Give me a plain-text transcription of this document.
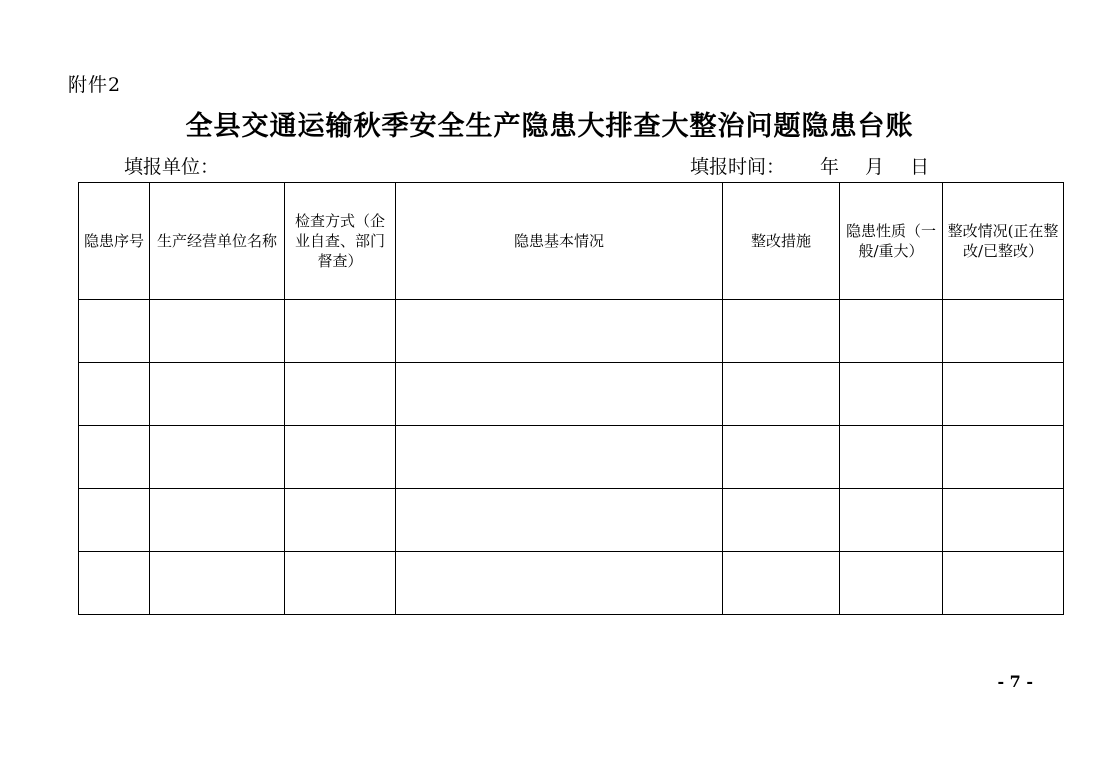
附件2
全县交通运输秋季安全生产隐患大排查大整治问题隐患台账
填报单位：	填报时间： 年 月 日
隐患序号	生产经营单位名称	检查方式（企业自查、部门督查）	隐患基本情况	整改措施	隐患性质（一般/重大）	整改情况(正在整改/已整改）

- 7 -
